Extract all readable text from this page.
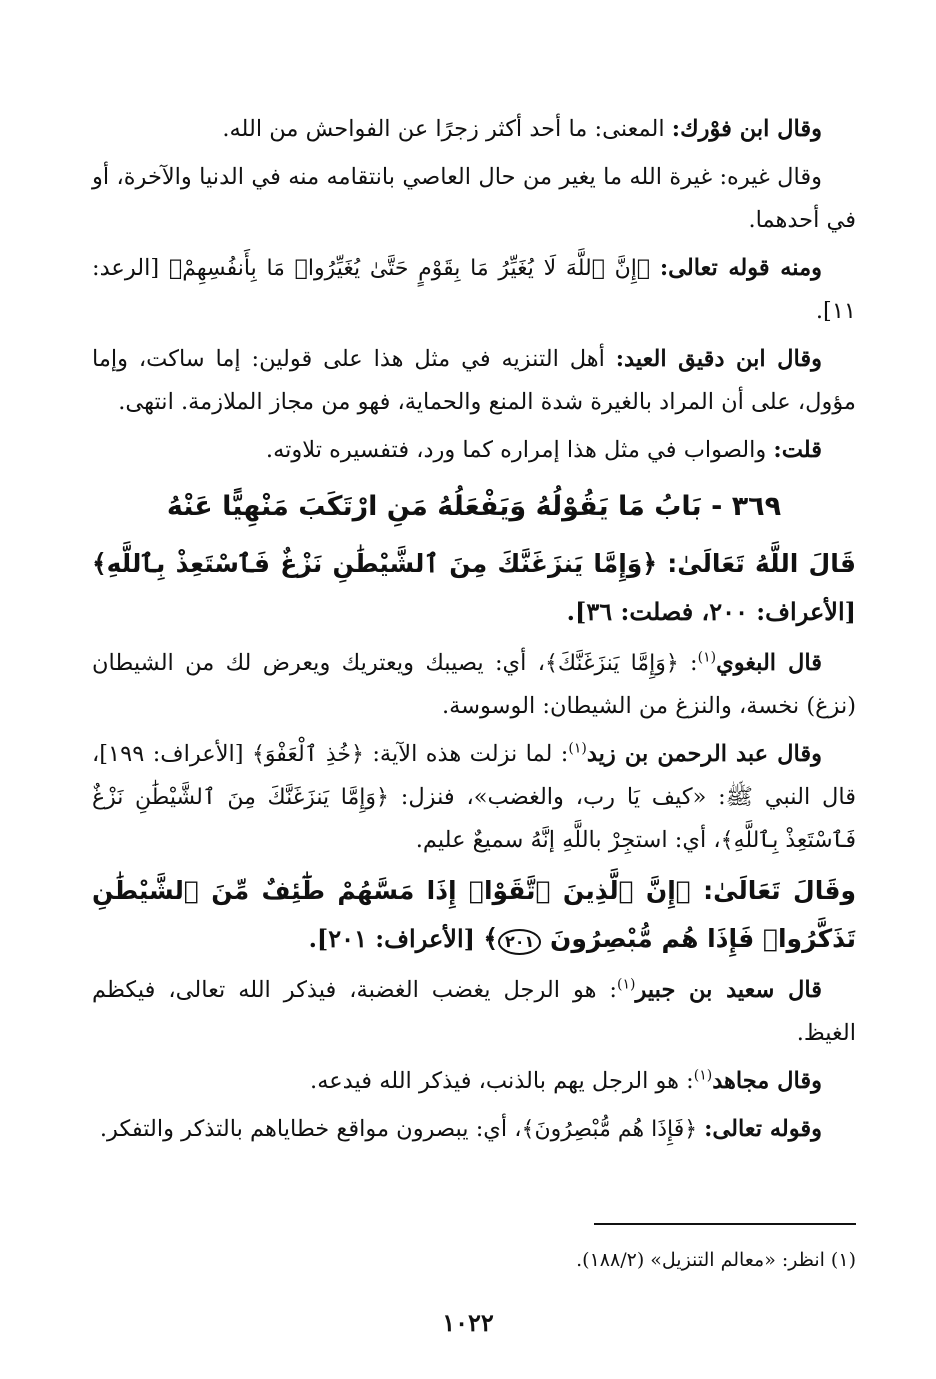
وقال ابن فوْرك: المعنى: ما أحد أكثر زجرًا عن الفواحش من الله.

وقال غيره: غيرة الله ما يغير من حال العاصي بانتقامه منه في الدنيا والآخرة، أو في أحدهما.

ومنه قوله تعالى: ﴿إِنَّ ٱللَّهَ لَا يُغَيِّرُ مَا بِقَوْمٍ حَتَّىٰ يُغَيِّرُوا۟ مَا بِأَنفُسِهِمْ﴾ [الرعد: ١١].

وقال ابن دقيق العيد: أهل التنزيه في مثل هذا على قولين: إما ساكت، وإما مؤول، على أن المراد بالغيرة شدة المنع والحماية، فهو من مجاز الملازمة. انتهى.

قلت: والصواب في مثل هذا إمراره كما ورد، فتفسيره تلاوته.

٣٦٩ - بَابُ مَا يَقُوْلُهُ وَيَفْعَلُهُ مَنِ ارْتَكَبَ مَنْهِيًّا عَنْهُ

قَالَ اللَّهُ تَعَالَىٰ: ﴿وَإِمَّا يَنزَغَنَّكَ مِنَ ٱلشَّيْطَٰنِ نَزْغٌ فَٱسْتَعِذْ بِٱللَّهِ﴾ [الأعراف: ٢٠٠، فصلت: ٣٦].

قال البغوي$^{(١)}$: ﴿وَإِمَّا يَنزَغَنَّكَ﴾، أي: يصيبك ويعتريك ويعرض لك من الشيطان (نزغ) نخسة، والنزغ من الشيطان: الوسوسة.

وقال عبد الرحمن بن زيد$^{(١)}$: لما نزلت هذه الآية: ﴿خُذِ ٱلْعَفْوَ﴾ [الأعراف: ١٩٩]، قال النبي ﷺ: «كيف يَا رب، والغضب»، فنزل: ﴿وَإِمَّا يَنزَغَنَّكَ مِنَ ٱلشَّيْطَٰنِ نَزْغٌ فَٱسْتَعِذْ بِٱللَّهِ﴾، أي: استجِرْ باللَّهِ إنَّهُ سميعٌ عليم.

وقَالَ تَعَالَىٰ: ﴿إِنَّ ٱلَّذِينَ ٱتَّقَوْا۟ إِذَا مَسَّهُمْ طَٰٓئِفٌ مِّنَ ٱلشَّيْطَٰنِ تَذَكَّرُوا۟ فَإِذَا هُم مُّبْصِرُونَ ٢٠١﴾ [الأعراف: ٢٠١].

قال سعيد بن جبير$^{(١)}$: هو الرجل يغضب الغضبة، فيذكر الله تعالى، فيكظم الغيظ.

وقال مجاهد$^{(١)}$: هو الرجل يهم بالذنب، فيذكر الله فيدعه.

وقوله تعالى: ﴿فَإِذَا هُم مُّبْصِرُونَ﴾، أي: يبصرون مواقع خطاياهم بالتذكر والتفكر.

(١) انظر: «معالم التنزيل» (١٨٨/٢).
١٠٢٢
